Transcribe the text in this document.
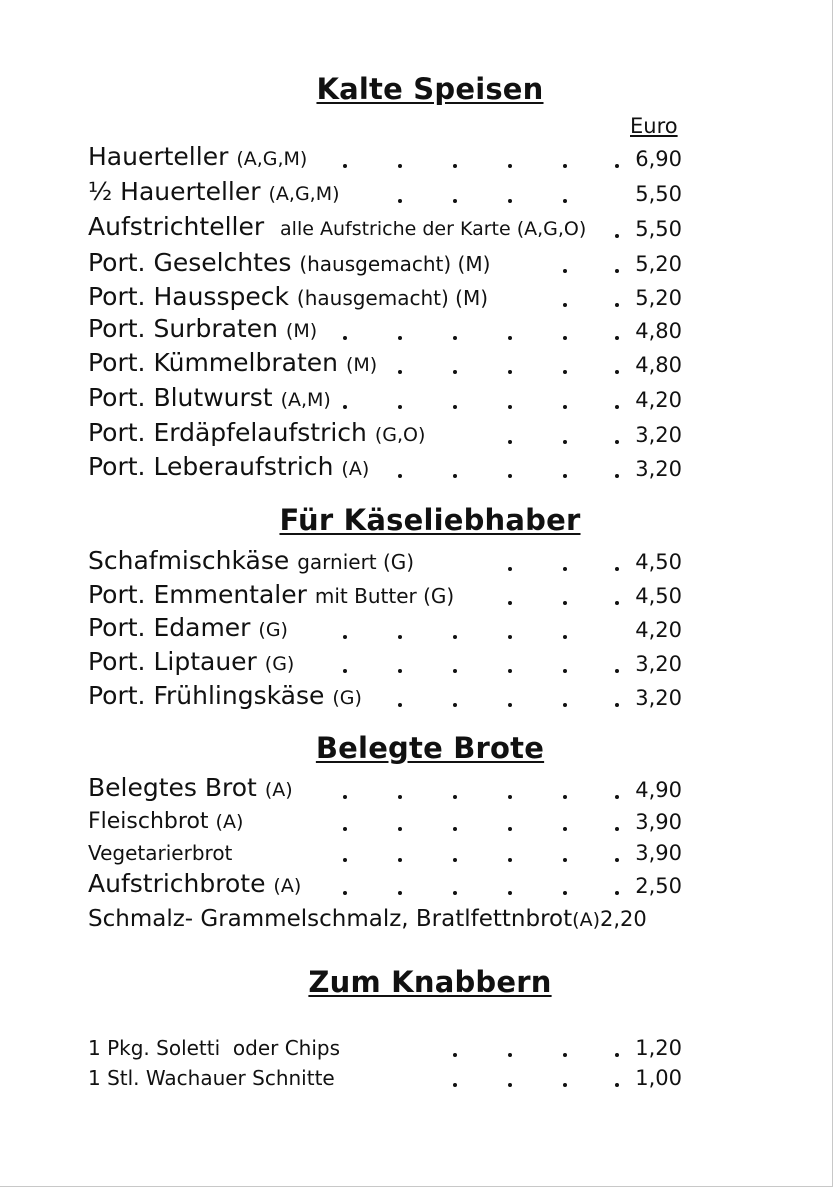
Kalte Speisen
Euro
Hauerteller (A,G,M)	6,90
½ Hauerteller (A,G,M)	5,50
Aufstrichteller alle Aufstriche der Karte (A,G,O) 5,50
Port. Geselchtes (hausgemacht) (M)	5,20
Port. Hausspeck (hausgemacht) (M)	5,20
Port. Surbraten (M)	4,80
Port. Kümmelbraten (M)	4,80
Port. Blutwurst (A,M)	4,20
Port. Erdäpfelaufstrich (G,O)	3,20
Port. Leberaufstrich (A)	3,20
Für Käseliebhaber
Schafmischkäse garniert (G)	4,50
Port. Emmentaler mit Butter (G)	4,50
Port. Edamer (G)	4,20
Port. Liptauer (G)	3,20
Port. Frühlingskäse (G)	3,20
Belegte Brote
Belegtes Brot (A)	4,90
Fleischbrot (A)	3,90
Vegetarierbrot	3,90
Aufstrichbrote (A)	2,50
Schmalz- Grammelschmalz, Bratlfettnbrot(A)2,20
Zum Knabbern
1 Pkg. Soletti  oder Chips	1,20
1 Stl. Wachauer Schnitte	1,00
